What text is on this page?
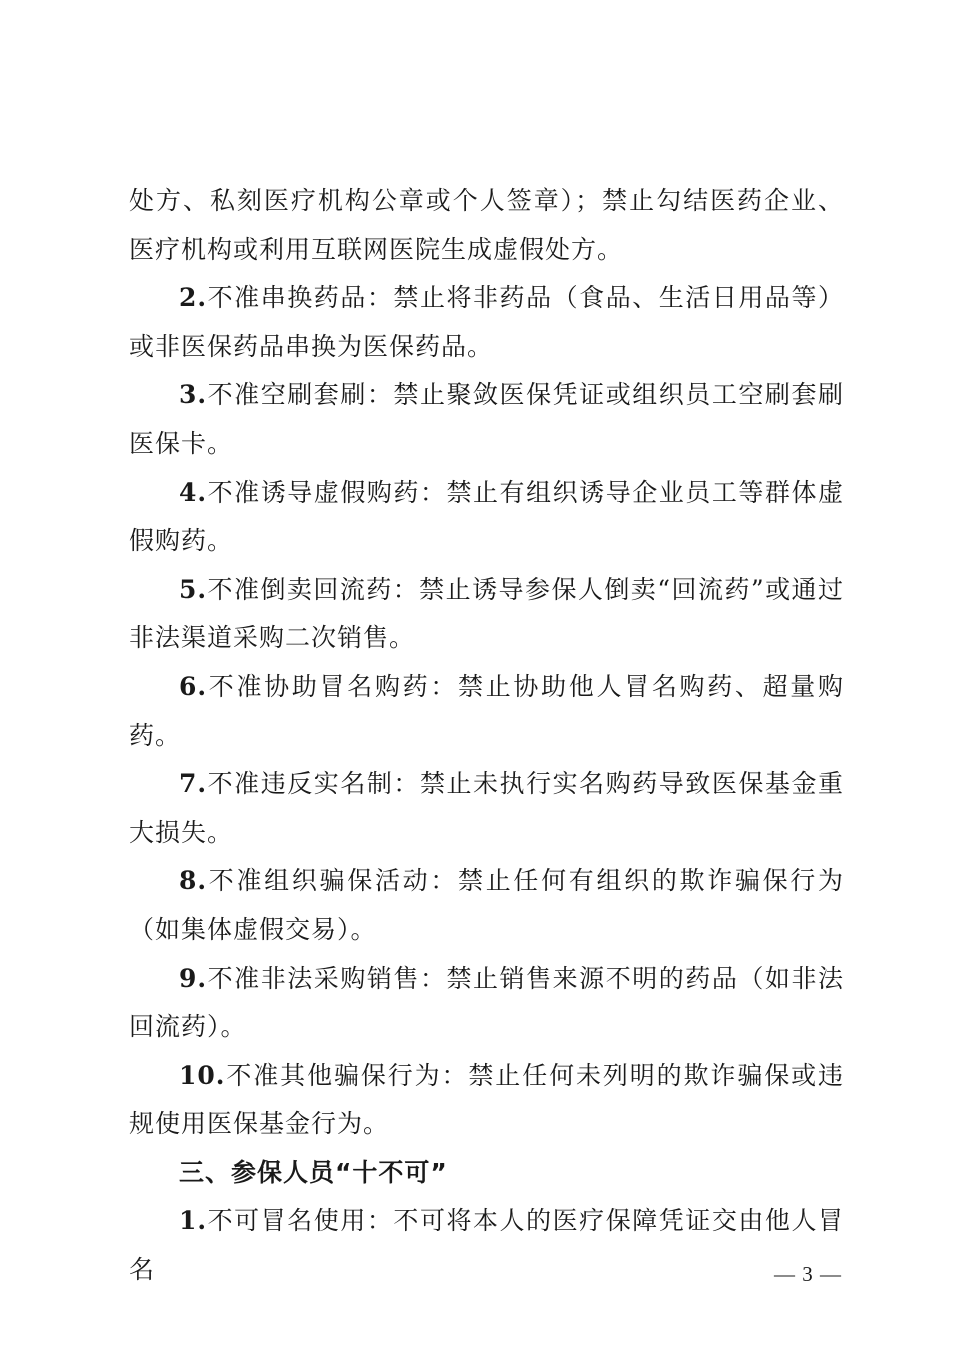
处方、私刻医疗机构公章或个人签章）；禁止勾结医药企业、医疗机构或利用互联网医院生成虚假处方。

2.不准串换药品：禁止将非药品（食品、生活日用品等）或非医保药品串换为医保药品。

3.不准空刷套刷：禁止聚敛医保凭证或组织员工空刷套刷医保卡。

4.不准诱导虚假购药：禁止有组织诱导企业员工等群体虚假购药。

5.不准倒卖回流药：禁止诱导参保人倒卖“回流药”或通过非法渠道采购二次销售。

6.不准协助冒名购药：禁止协助他人冒名购药、超量购药。

7.不准违反实名制：禁止未执行实名购药导致医保基金重大损失。

8.不准组织骗保活动：禁止任何有组织的欺诈骗保行为（如集体虚假交易）。

9.不准非法采购销售：禁止销售来源不明的药品（如非法回流药）。

10.不准其他骗保行为：禁止任何未列明的欺诈骗保或违规使用医保基金行为。

三、参保人员“十不可”

1.不可冒名使用：不可将本人的医疗保障凭证交由他人冒名	— 3 —
